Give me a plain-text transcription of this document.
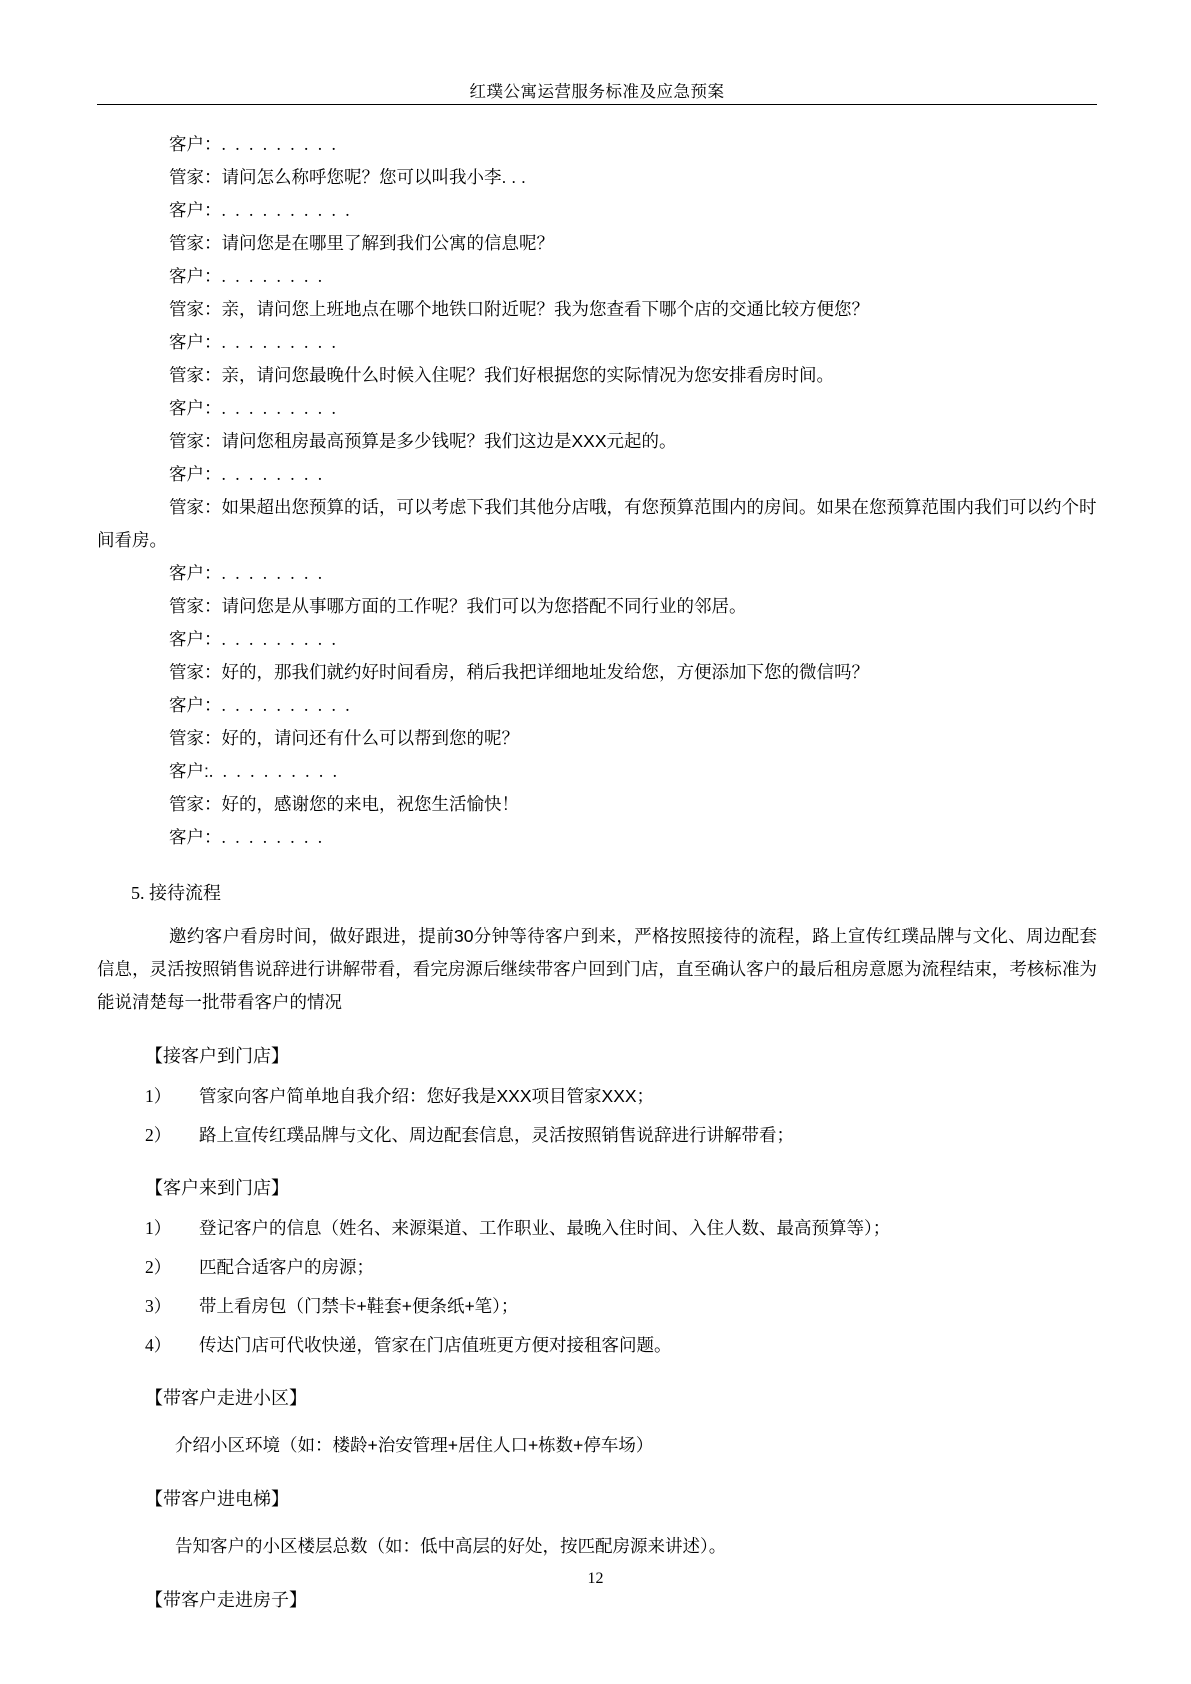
红璞公寓运营服务标准及应急预案
客户：. . . . . . . . .
管家：请问怎么称呼您呢？您可以叫我小李. . .
客户：. . . . . . . . . .
管家：请问您是在哪里了解到我们公寓的信息呢？
客户：. . . . . . . .
管家：亲，请问您上班地点在哪个地铁口附近呢？我为您查看下哪个店的交通比较方便您？
客户：. . . . . . . . .
管家：亲，请问您最晚什么时候入住呢？我们好根据您的实际情况为您安排看房时间。
客户：. . . . . . . . .
管家：请问您租房最高预算是多少钱呢？我们这边是XXX元起的。
客户：. . . . . . . .
管家：如果超出您预算的话，可以考虑下我们其他分店哦，有您预算范围内的房间。如果在您预算范围内我们可以约个时间看房。
客户：. . . . . . . .
管家：请问您是从事哪方面的工作呢？我们可以为您搭配不同行业的邻居。
客户：. . . . . . . . .
管家：好的，那我们就约好时间看房，稍后我把详细地址发给您，方便添加下您的微信吗？
客户：. . . . . . . . . .
管家：好的，请问还有什么可以帮到您的呢？
客户:. . . . . . . . . .
管家：好的，感谢您的来电，祝您生活愉快！
客户：. . . . . . . .
5. 接待流程
邀约客户看房时间，做好跟进，提前30分钟等待客户到来，严格按照接待的流程，路上宣传红璞品牌与文化、周边配套信息，灵活按照销售说辞进行讲解带看，看完房源后继续带客户回到门店，直至确认客户的最后租房意愿为流程结束，考核标准为能说清楚每一批带看客户的情况
【接客户到门店】
1） 管家向客户简单地自我介绍：您好我是XXX项目管家XXX；
2） 路上宣传红璞品牌与文化、周边配套信息，灵活按照销售说辞进行讲解带看；
【客户来到门店】
1） 登记客户的信息（姓名、来源渠道、工作职业、最晚入住时间、入住人数、最高预算等）；
2） 匹配合适客户的房源；
3） 带上看房包（门禁卡+鞋套+便条纸+笔）；
4） 传达门店可代收快递，管家在门店值班更方便对接租客问题。
【带客户走进小区】
介绍小区环境（如：楼龄+治安管理+居住人口+栋数+停车场）
【带客户进电梯】
告知客户的小区楼层总数（如：低中高层的好处，按匹配房源来讲述）。
【带客户走进房子】
12
